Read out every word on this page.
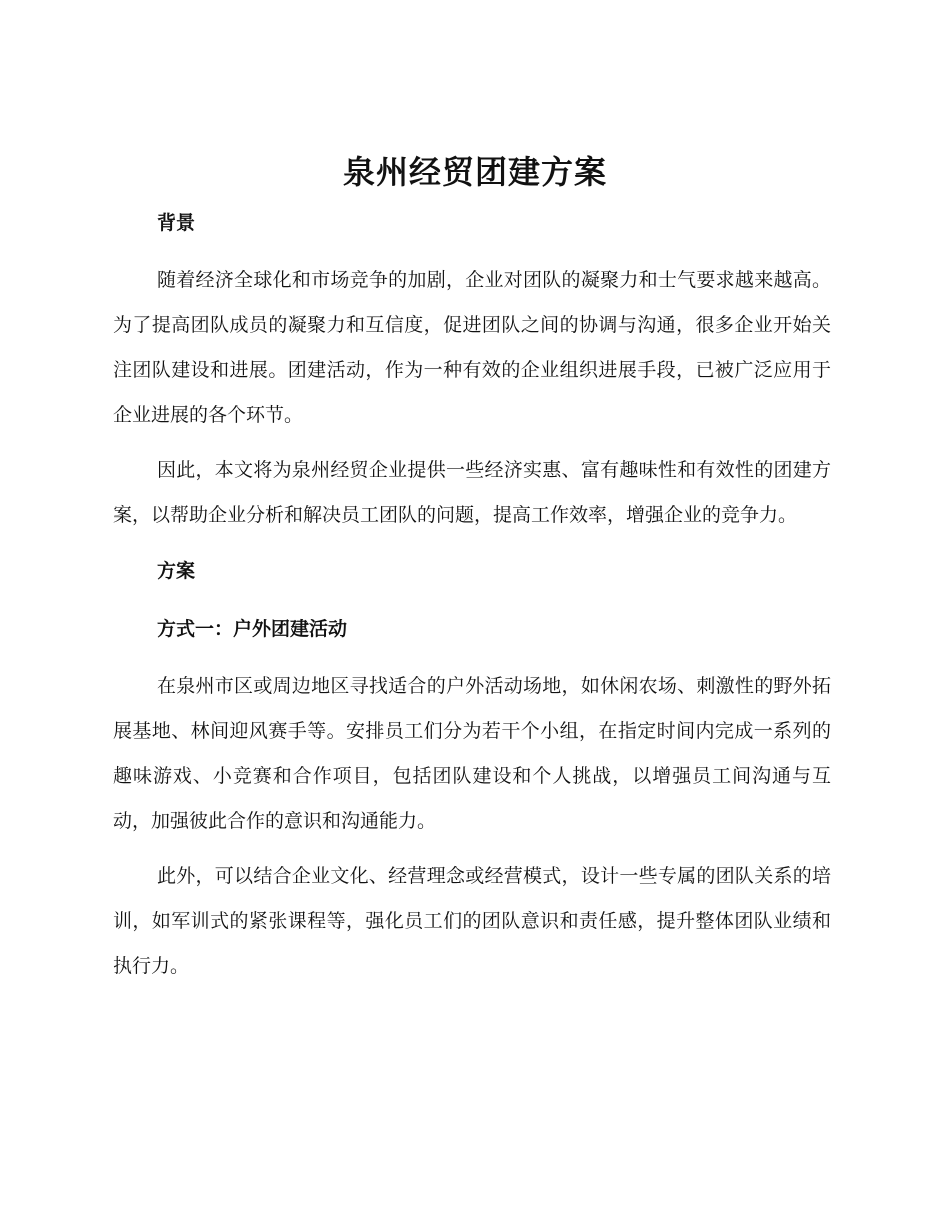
泉州经贸团建方案

背景

随着经济全球化和市场竞争的加剧，企业对团队的凝聚力和士气要求越来越高。为了提高团队成员的凝聚力和互信度，促进团队之间的协调与沟通，很多企业开始关注团队建设和进展。团建活动，作为一种有效的企业组织进展手段，已被广泛应用于企业进展的各个环节。

因此，本文将为泉州经贸企业提供一些经济实惠、富有趣味性和有效性的团建方案，以帮助企业分析和解决员工团队的问题，提高工作效率，增强企业的竞争力。

方案

方式一：户外团建活动

在泉州市区或周边地区寻找适合的户外活动场地，如休闲农场、刺激性的野外拓展基地、林间迎风赛手等。安排员工们分为若干个小组，在指定时间内完成一系列的趣味游戏、小竞赛和合作项目，包括团队建设和个人挑战，以增强员工间沟通与互动，加强彼此合作的意识和沟通能力。

此外，可以结合企业文化、经营理念或经营模式，设计一些专属的团队关系的培训，如军训式的紧张课程等，强化员工们的团队意识和责任感，提升整体团队业绩和执行力。
